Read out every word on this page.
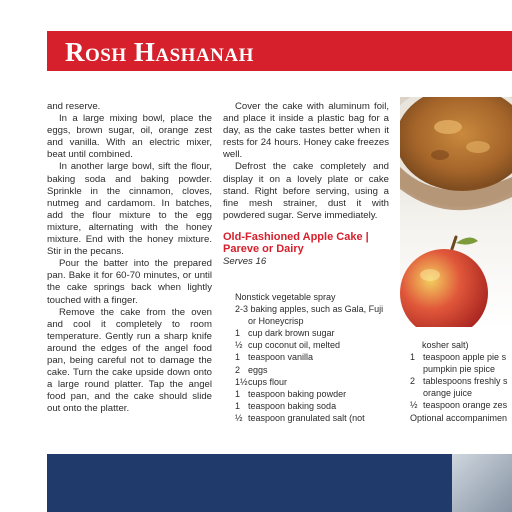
Rosh Hashanah

and reserve.

In a large mixing bowl, place the eggs, brown sugar, oil, orange zest and vanilla. With an electric mixer, beat until combined.

In another large bowl, sift the flour, baking soda and baking powder. Sprinkle in the cinnamon, cloves, nutmeg and cardamom. In batches, add the flour mixture to the egg mixture, alternating with the honey mixture. End with the honey mixture. Stir in the pecans.

Pour the batter into the prepared pan. Bake it for 60-70 minutes, or until the cake springs back when lightly touched with a finger.

Remove the cake from the oven and cool it completely to room temperature. Gently run a sharp knife around the edges of the angel food pan, being careful not to damage the cake. Turn the cake upside down onto a large round platter. Tap the angel food pan, and the cake should slide out onto the platter.

Cover the cake with aluminum foil, and place it inside a plastic bag for a day, as the cake tastes better when it rests for 24 hours. Honey cake freezes well.

Defrost the cake completely and display it on a lovely plate or cake stand. Right before serving, using a fine mesh strainer, dust it with powdered sugar. Serve immediately.

Old-Fashioned Apple Cake | Pareve or Dairy
Serves 16
Nonstick vegetable spray
2-3 baking apples, such as Gala, Fuji
or Honeycrisp
1 cup dark brown sugar
½ cup coconut oil, melted
1 teaspoon vanilla
2 eggs
1½ cups flour
1 teaspoon baking powder
1 teaspoon baking soda
½ teaspoon granulated salt (not
kosher salt)
1 teaspoon apple pie s
pumpkin pie spice
2 tablespoons freshly s
orange juice
½ teaspoon orange zes
Optional accompanimen
